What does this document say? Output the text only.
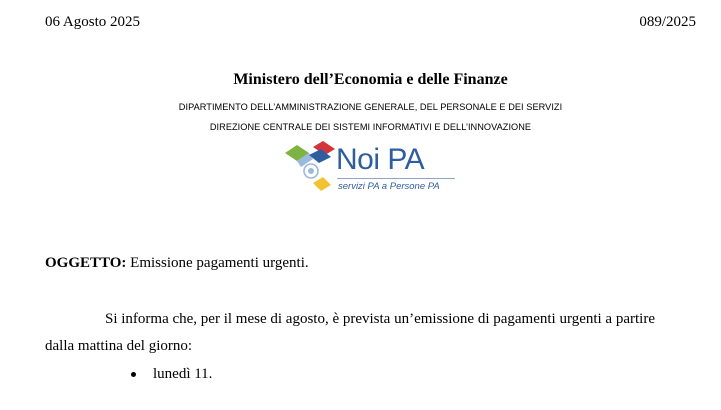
06 Agosto 2025	089/2025
Ministero dell’Economia e delle Finanze
DIPARTIMENTO DELL’AMMINISTRAZIONE GENERALE, DEL PERSONALE E DEI SERVIZI
DIREZIONE CENTRALE DEI SISTEMI INFORMATIVI E DELL’INNOVAZIONE
Noi PA
servizi PA a Persone PA
OGGETTO: Emissione pagamenti urgenti.
Si informa che, per il mese di agosto, è prevista un’emissione di pagamenti urgenti a partire
dalla mattina del giorno:
lunedì 11.
